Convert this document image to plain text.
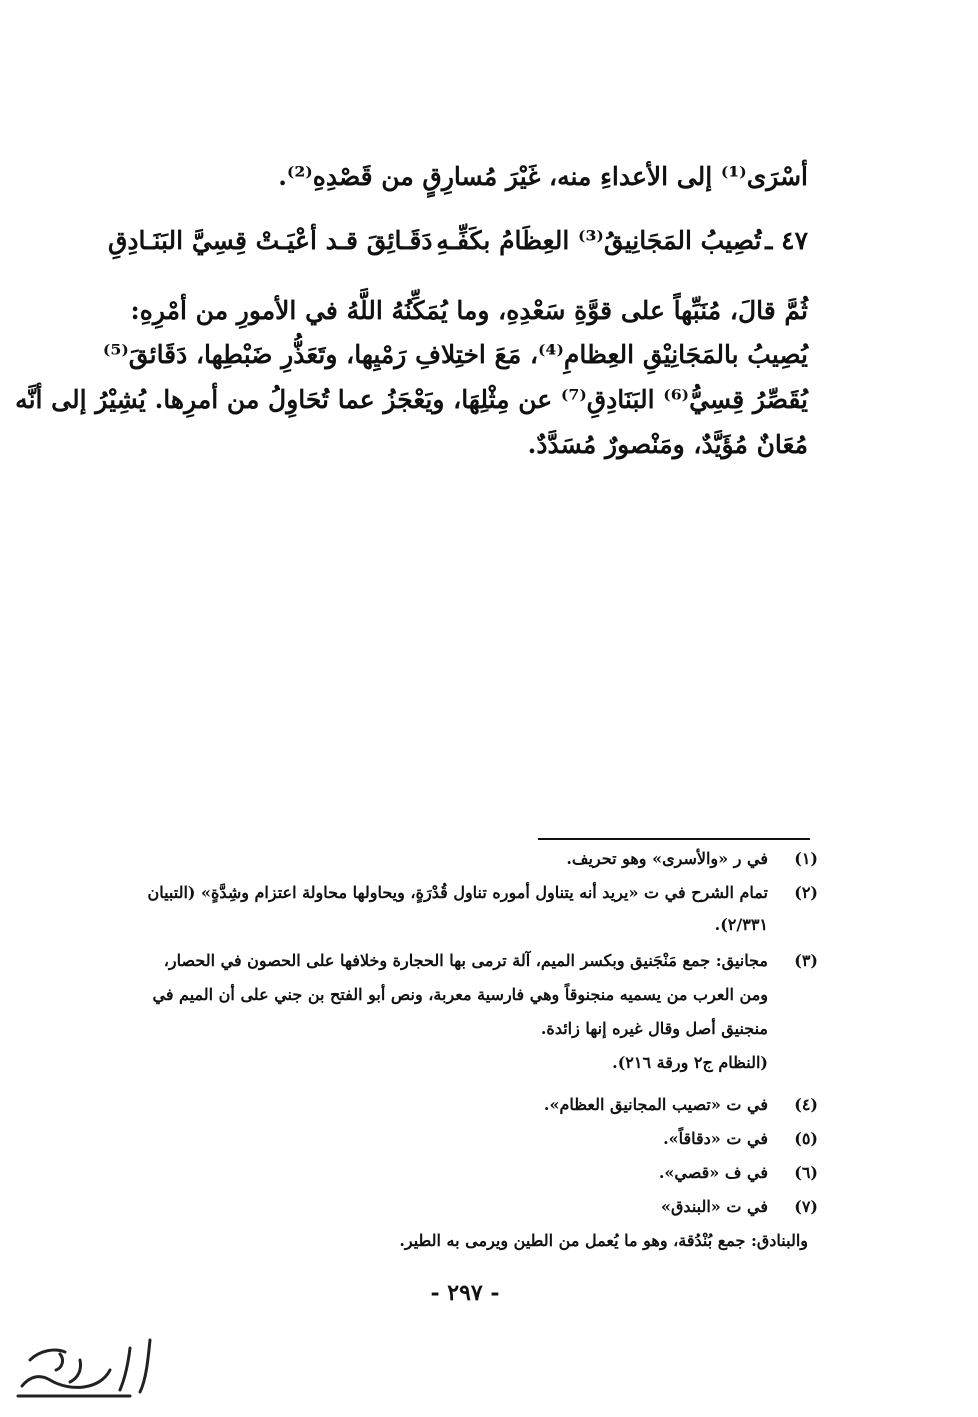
أسْرَى⁽¹⁾ إلى الأعداءِ منه، غَيْرَ مُسارِقٍ من قَصْدِهِ⁽²⁾.
٤٧ ـ
تُصِيبُ المَجَانِيقُ⁽³⁾ العِظَامُ بكَفِّـهِ
دَقَـائِقَ قـد أعْيَـتْ قِسِيَّ البَنَـادِقِ
ثُمَّ قالَ، مُنَبِّهاً على قوَّةِ سَعْدِهِ، وما يُمَكِّنُهُ اللَّهُ في الأمورِ من أمْرِهِ:
يُصِيبُ بالمَجَانِيْقِ العِظامِ⁽⁴⁾، مَعَ اختِلافِ رَمْيِها، وتَعَذُّرِ ضَبْطِها، دَقَائقَ⁽⁵⁾
يُقَصِّرُ قِسِيُّ⁽⁶⁾ البَنَادِقِ⁽⁷⁾ عن مِثْلِهَا، ويَعْجَزُ عما تُحَاوِلُ من أمرِها. يُشِيْرُ إلى أنَّه
مُعَانٌ مُؤَيَّدٌ، ومَنْصورٌ مُسَدَّدٌ.
(١)
في ر «والأسرى» وهو تحريف.
(٢)
تمام الشرح في ت «يريد أنه يتناول أموره تناول قُدْرَةٍ، ويحاولها محاولة اعتزام وشِدَّةٍ» (التبيان
٢/٣٣١).
(٣)
مجانيق: جمع مَنْجَنيق وبكسر الميم، آلة ترمى بها الحجارة وخلافها على الحصون في الحصار،
ومن العرب من يسميه منجنوقاً وهي فارسية معربة، ونص أبو الفتح بن جني على أن الميم في
منجنيق أصل وقال غيره إنها زائدة.
(النظام ج٢ ورقة ٢١٦).
(٤)
في ت «تصيب المجانيق العظام».
(٥)
في ت «دقاقاً».
(٦)
في ف «قصي».
(٧)
في ت «البندق»
والبنادق: جمع بُنْدُقة، وهو ما يُعمل من الطين ويرمى به الطير.
- ٢٩٧ -
